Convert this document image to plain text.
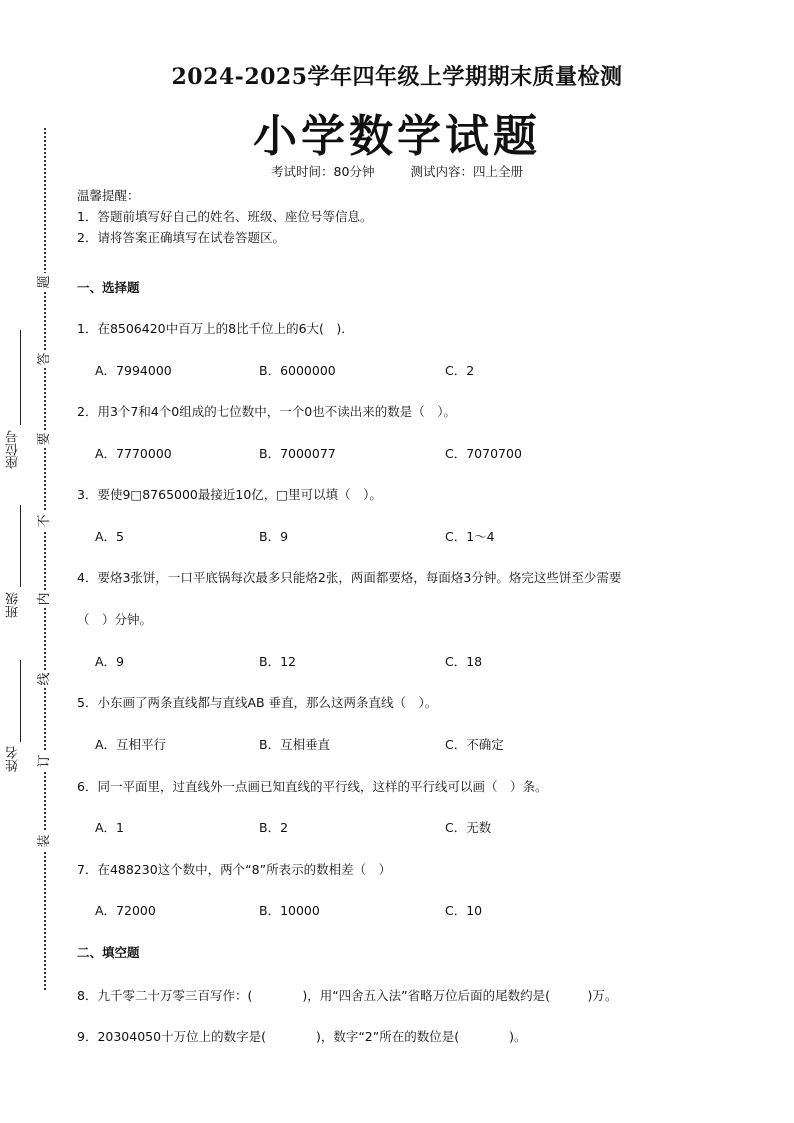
题
答
要
不
内
线
订
装
座位号
班级
姓名
2024-2025学年四年级上学期期末质量检测
小学数学试题
考试时间：80分钟	测试内容：四上全册
温馨提醒：
1．答题前填写好自己的姓名、班级、座位号等信息。
2．请将答案正确填写在试卷答题区。
一、选择题
1．在8506420中百万上的8比千位上的6大(　).
A．7994000	B．6000000	C．2
2．用3个7和4个0组成的七位数中，一个0也不读出来的数是（　）。
A．7770000	B．7000077	C．7070700
3．要使9□8765000最接近10亿，□里可以填（　）。
A．5	B．9	C．1～4
4．要烙3张饼，一口平底锅每次最多只能烙2张，两面都要烙，每面烙3分钟。烙完这些饼至少需要
（　）分钟。
A．9	B．12	C．18
5．小东画了两条直线都与直线AB 垂直，那么这两条直线（　）。
A．互相平行	B．互相垂直	C．不确定
6．同一平面里，过直线外一点画已知直线的平行线，这样的平行线可以画（　）条。
A．1	B．2	C．无数
7．在488230这个数中，两个“8”所表示的数相差（　）
A．72000	B．10000	C．10
二、填空题
8．九千零二十万零三百写作：(　　　　)，用“四舍五入法”省略万位后面的尾数约是(　　　)万。
9．20304050十万位上的数字是(　　　　)，数字“2”所在的数位是(　　　　)。
